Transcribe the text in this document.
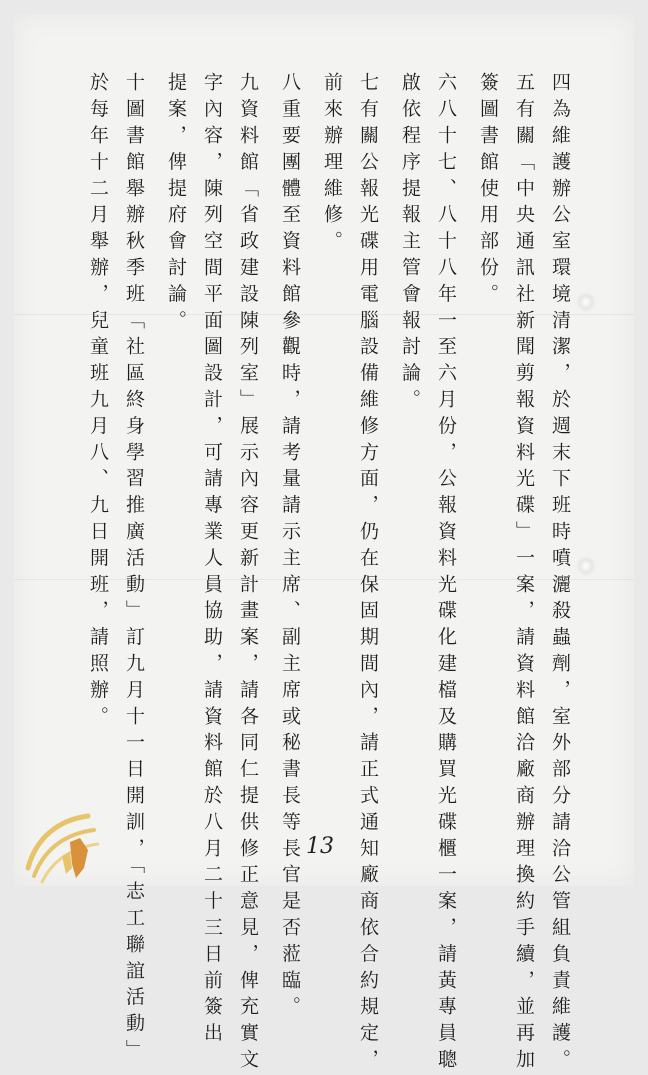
四為維護辦公室環境清潔，於週末下班時噴灑殺蟲劑，室外部分請洽公管組負責維護。
五有關「中央通訊社新聞剪報資料光碟」一案，請資料館洽廠商辦理換約手續，並再加
簽圖書館使用部份。
六八十七、八十八年一至六月份，公報資料光碟化建檔及購買光碟櫃一案，請黃專員聰
啟依程序提報主管會報討論。
七有關公報光碟用電腦設備維修方面，仍在保固期間內，請正式通知廠商依合約規定，
前來辦理維修。
八重要團體至資料館參觀時，請考量請示主席、副主席或秘書長等長官是否蒞臨。
九資料館「省政建設陳列室」展示內容更新計畫案，請各同仁提供修正意見，俾充實文
字內容，陳列空間平面圖設計，可請專業人員協助，請資料館於八月二十三日前簽出
提案，俾提府會討論。
十圖書館舉辦秋季班「社區終身學習推廣活動」訂九月十一日開訓，「志工聯誼活動」
於每年十二月舉辦，兒童班九月八、九日開班，請照辦。
13
